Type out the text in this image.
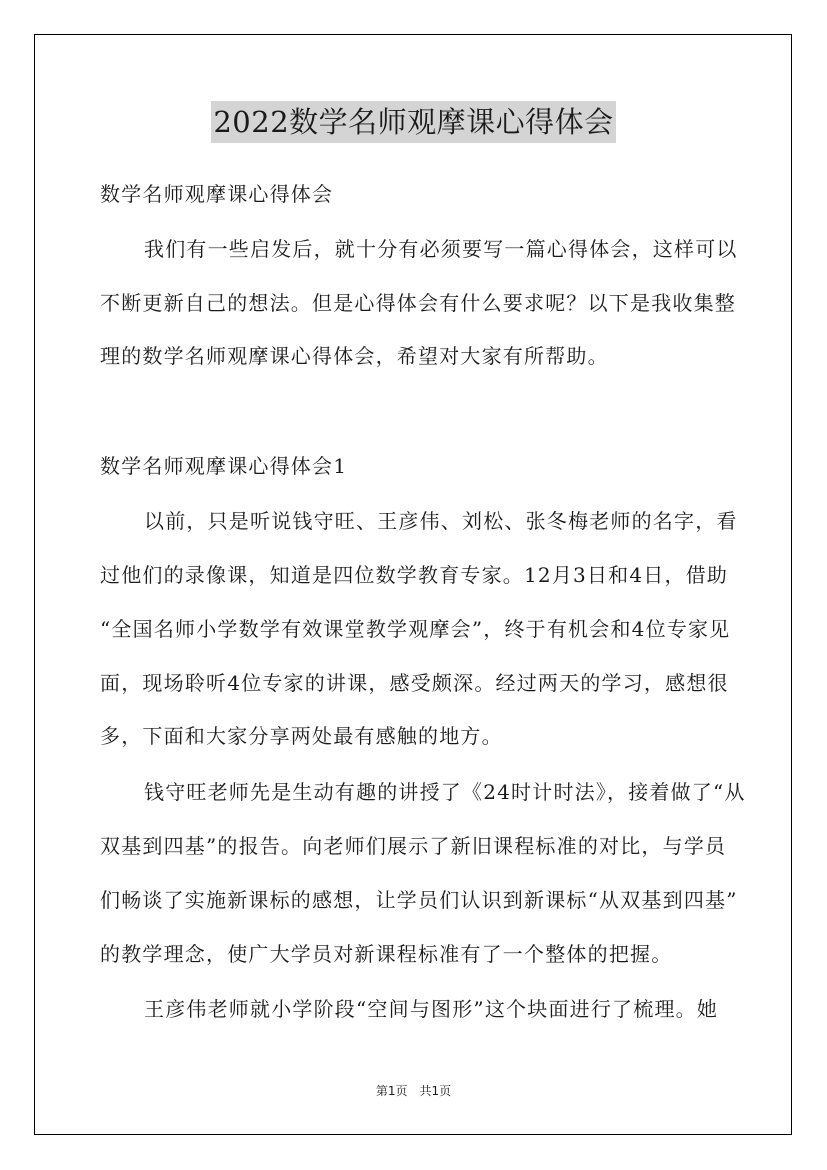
2022数学名师观摩课心得体会
数学名师观摩课心得体会
我们有一些启发后，就十分有必须要写一篇心得体会，这样可以
不断更新自己的想法。但是心得体会有什么要求呢？以下是我收集整
理的数学名师观摩课心得体会，希望对大家有所帮助。
数学名师观摩课心得体会1
以前，只是听说钱守旺、王彦伟、刘松、张冬梅老师的名字，看
过他们的录像课，知道是四位数学教育专家。12月3日和4日，借助
“全国名师小学数学有效课堂教学观摩会”，终于有机会和4位专家见
面，现场聆听4位专家的讲课，感受颇深。经过两天的学习，感想很
多，下面和大家分享两处最有感触的地方。
钱守旺老师先是生动有趣的讲授了《24时计时法》，接着做了“从
双基到四基”的报告。向老师们展示了新旧课程标准的对比，与学员
们畅谈了实施新课标的感想，让学员们认识到新课标“从双基到四基”
的教学理念，使广大学员对新课程标准有了一个整体的把握。
王彦伟老师就小学阶段“空间与图形”这个块面进行了梳理。她
第1页　共1页
